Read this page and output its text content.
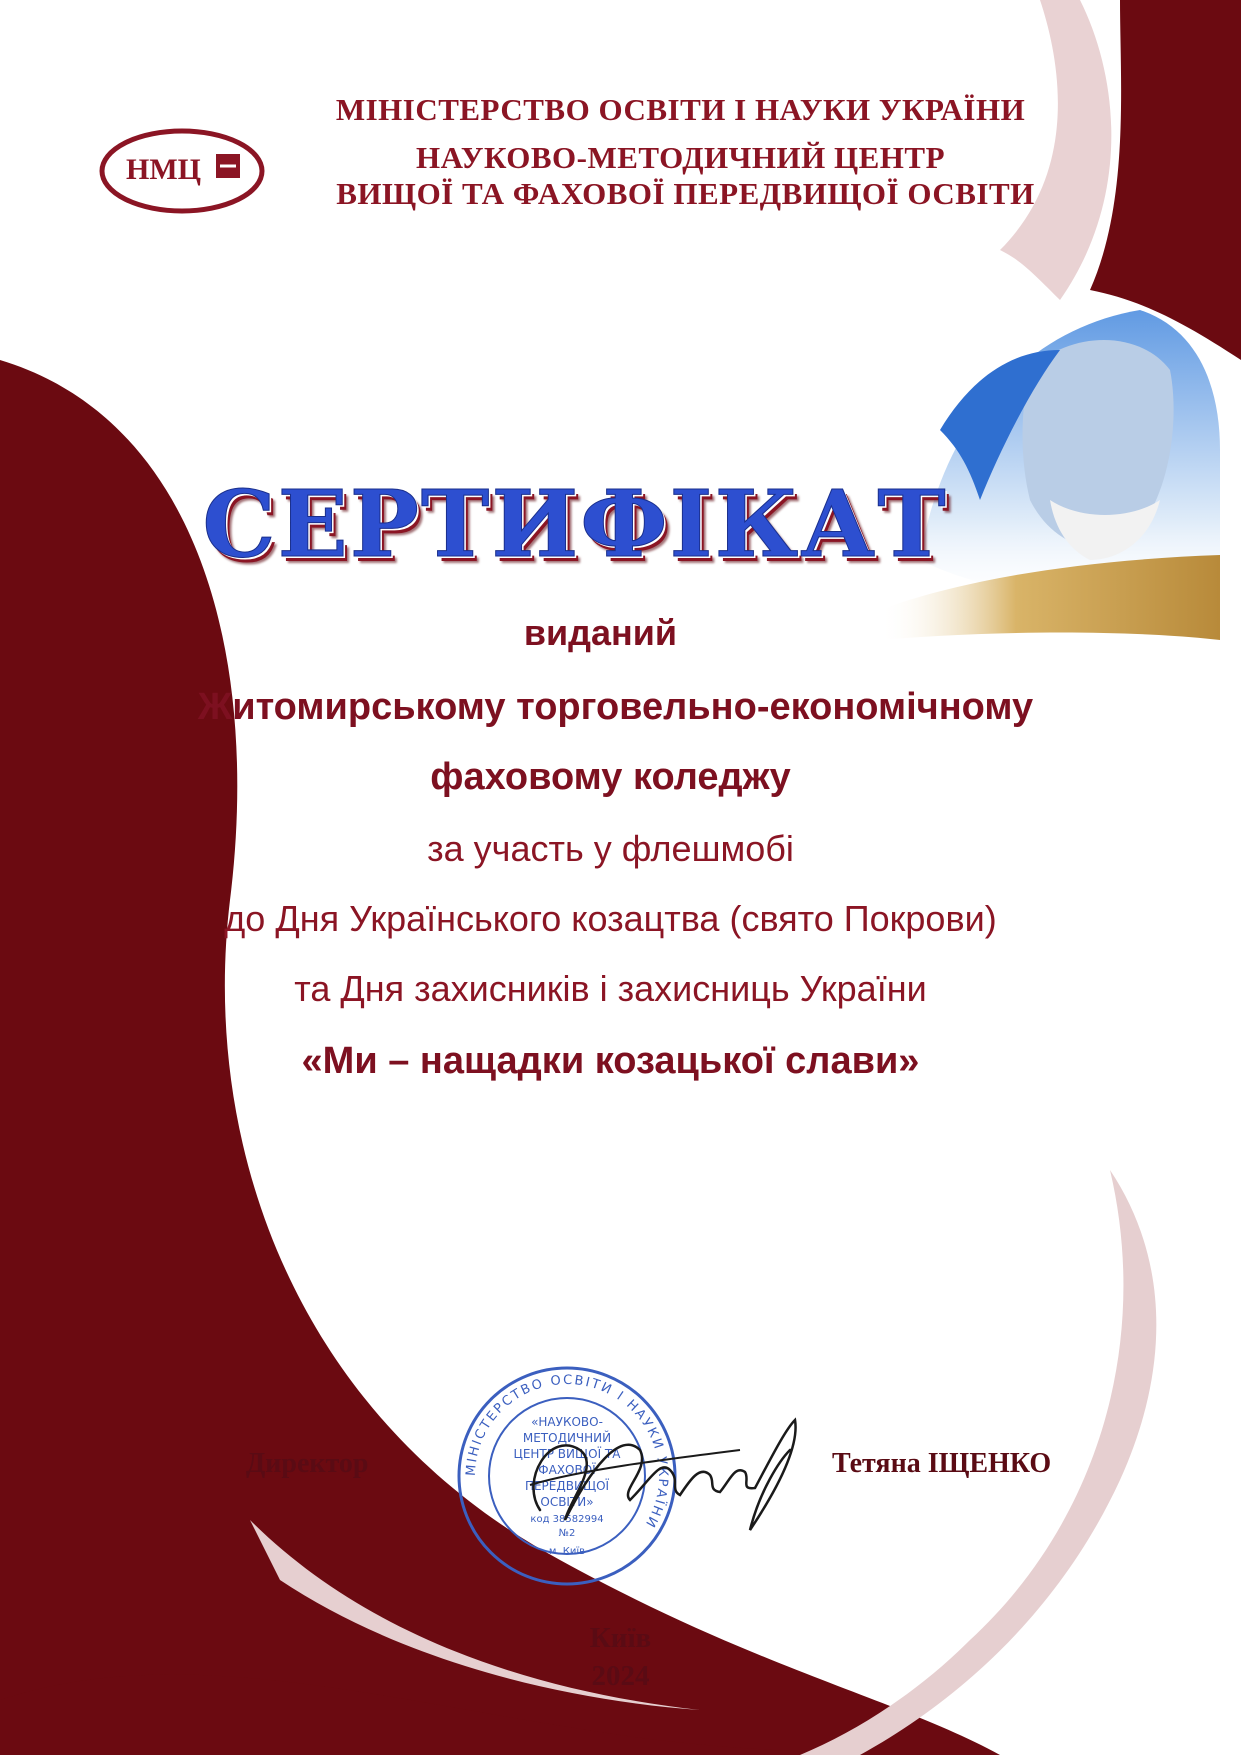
НМЦ
МІНІСТЕРСТВО ОСВІТИ І НАУКИ УКРАЇНИ
НАУКОВО-МЕТОДИЧНИЙ ЦЕНТР
ВИЩОЇ ТА ФАХОВОЇ ПЕРЕДВИЩОЇ ОСВІТИ
СЕРТИФІКАТ
виданий
Житомирському торговельно-економічному
фаховому коледжу
за участь у флешмобі
до Дня Українського козацтва (свято Покрови)
та Дня захисників і захисниць України
«Ми – нащадки козацької слави»
МІНІСТЕРСТВО ОСВІТИ І НАУКИ УКРАЇНИ
«НАУКОВО-
МЕТОДИЧНИЙ
ЦЕНТР ВИЩОЇ ТА
ФАХОВОЇ
ПЕРЕДВИЩОЇ
ОСВІТИ»
код 38582994
№2
м. Київ
Директор	Тетяна ІЩЕНКО
Київ
2024
